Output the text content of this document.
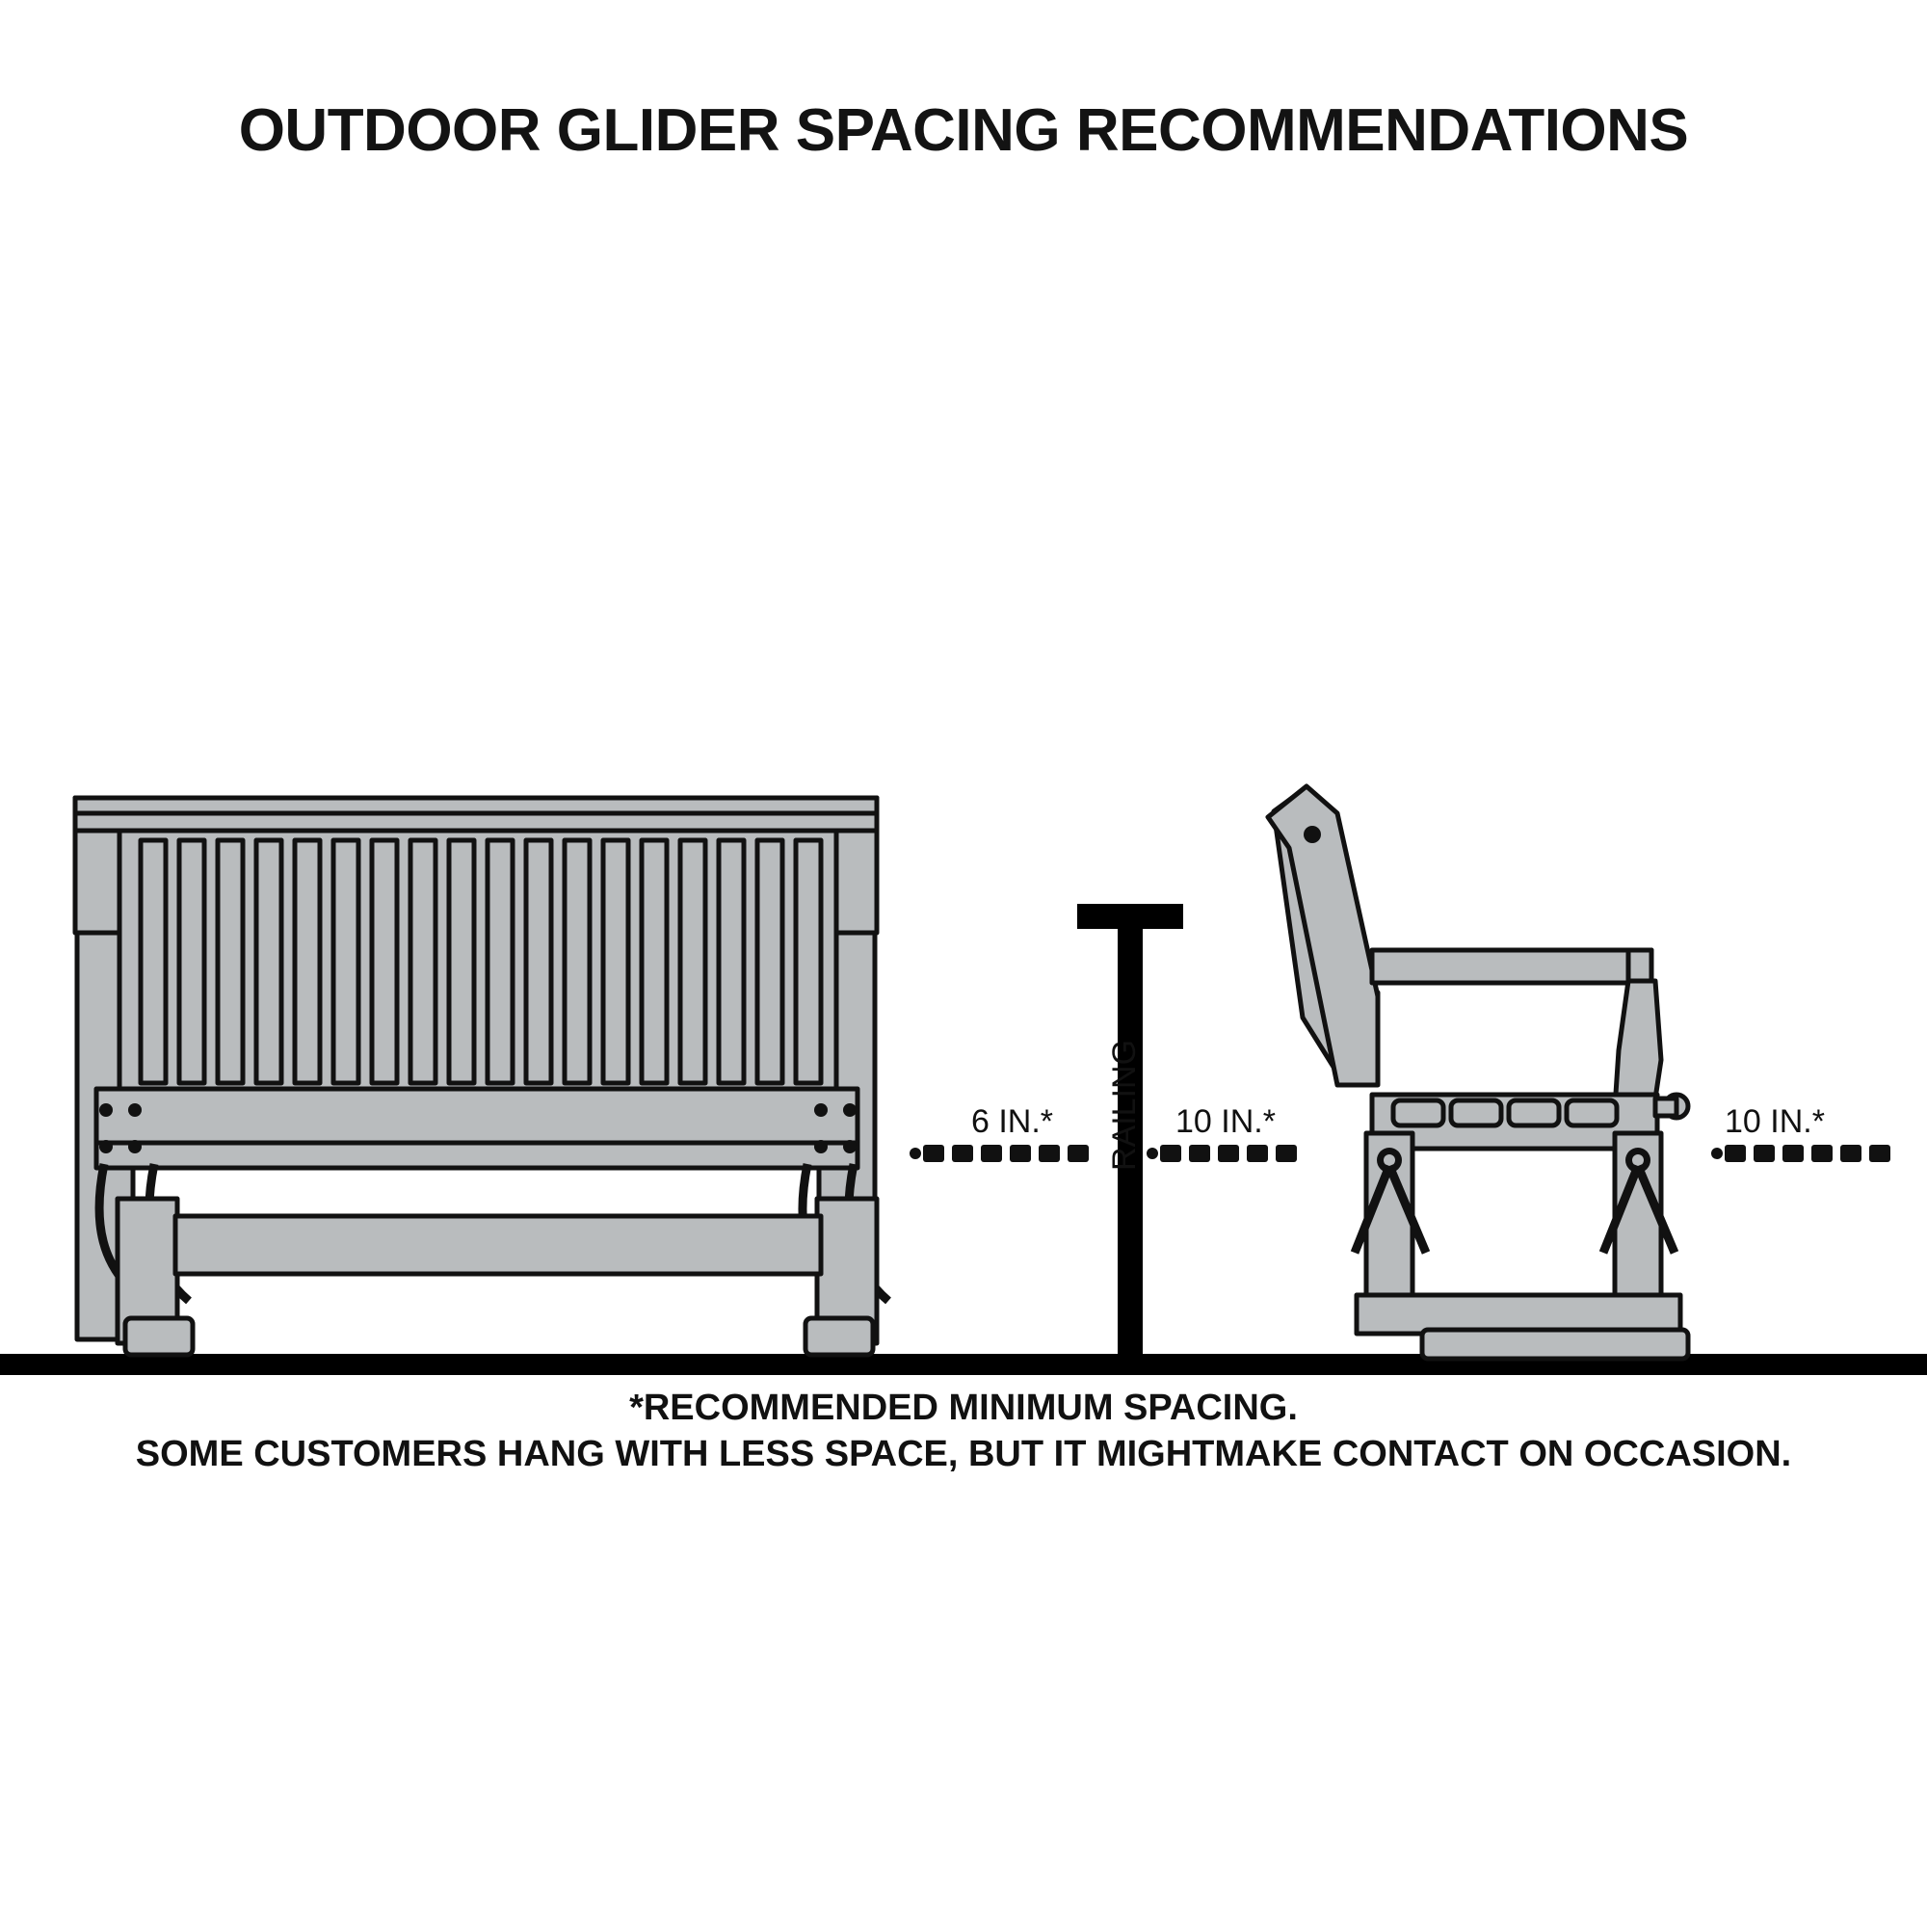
OUTDOOR GLIDER SPACING RECOMMENDATIONS
6 IN.*	10 IN.*	10 IN.*
RAILING
*RECOMMENDED MINIMUM SPACING.
SOME CUSTOMERS HANG WITH LESS SPACE, BUT IT MIGHTMAKE CONTACT ON OCCASION.
